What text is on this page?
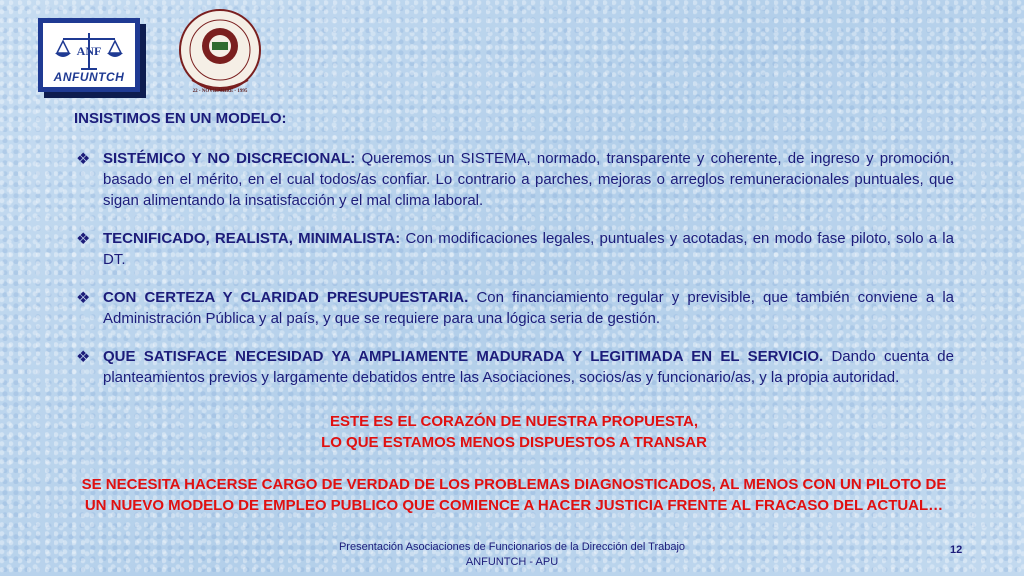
ANF
ANFUNTCH
22 - NOVIEMBRE - 1995
INSISTIMOS EN UN MODELO:
❖ SISTÉMICO Y NO DISCRECIONAL: Queremos un SISTEMA, normado, transparente y coherente, de ingreso y promoción, basado en el mérito, en el cual todos/as confiar. Lo contrario a parches, mejoras o arreglos remuneracionales puntuales, que sigan alimentando la insatisfacción y el mal clima laboral.
❖ TECNIFICADO, REALISTA, MINIMALISTA: Con modificaciones legales, puntuales y acotadas, en modo fase piloto, solo a la DT.
❖ CON CERTEZA Y CLARIDAD PRESUPUESTARIA. Con financiamiento regular y previsible, que también conviene a la Administración Pública y al país, y que se requiere para una lógica seria de gestión.
❖ QUE SATISFACE NECESIDAD YA AMPLIAMENTE MADURADA Y LEGITIMADA EN EL SERVICIO. Dando cuenta de planteamientos previos y largamente debatidos entre las Asociaciones, socios/as y funcionario/as, y la propia autoridad.
ESTE ES EL CORAZÓN DE NUESTRA PROPUESTA,
LO QUE ESTAMOS MENOS DISPUESTOS A TRANSAR
SE NECESITA HACERSE CARGO DE VERDAD DE LOS PROBLEMAS DIAGNOSTICADOS, AL MENOS CON UN PILOTO DE UN NUEVO MODELO DE EMPLEO PUBLICO QUE COMIENCE A HACER JUSTICIA FRENTE AL FRACASO DEL ACTUAL…
Presentación Asociaciones de Funcionarios de la Dirección del Trabajo
ANFUNTCH - APU
12
